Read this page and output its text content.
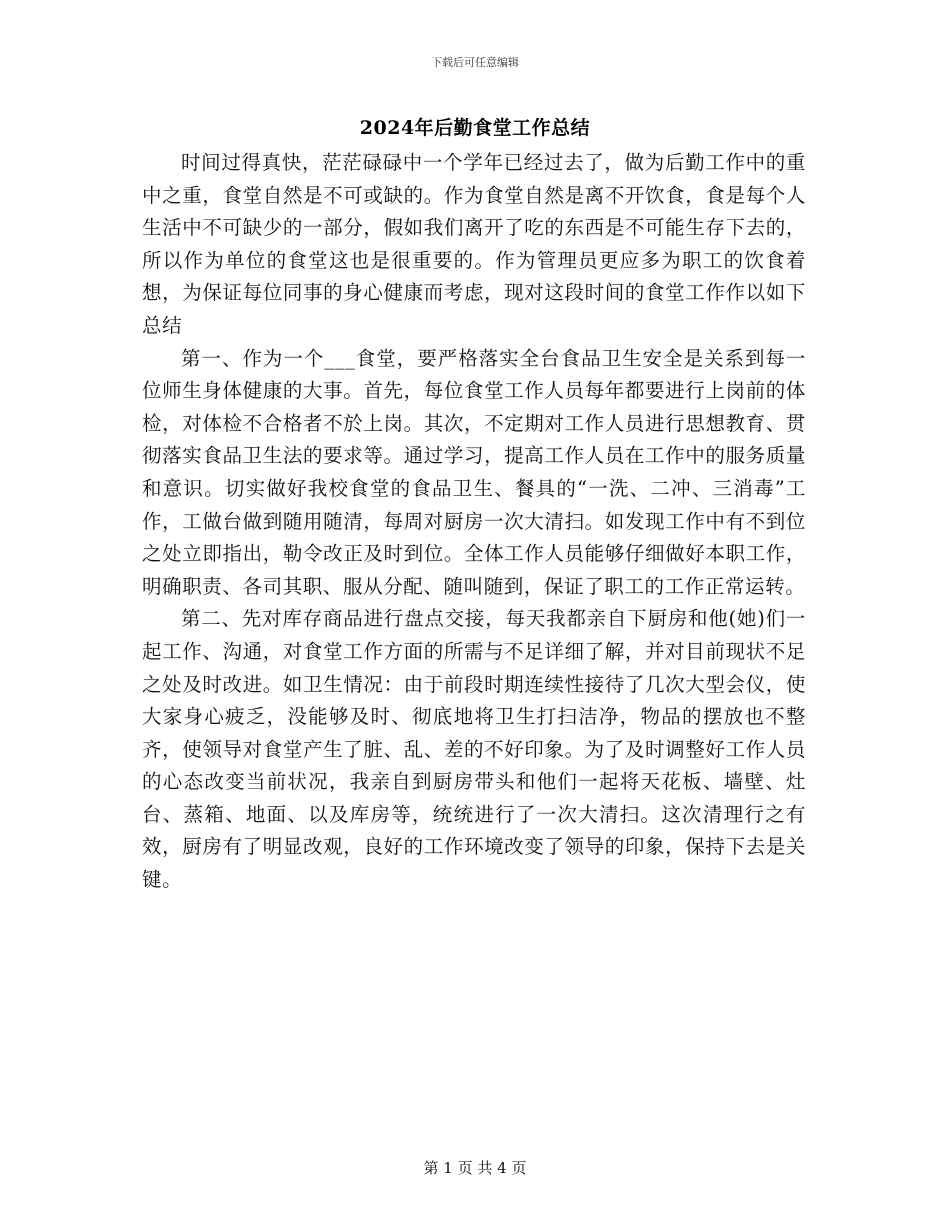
下载后可任意编辑
2024年后勤食堂工作总结

时间过得真快，茫茫碌碌中一个学年已经过去了，做为后勤工作中的重中之重，食堂自然是不可或缺的。作为食堂自然是离不开饮食，食是每个人生活中不可缺少的一部分，假如我们离开了吃的东西是不可能生存下去的，所以作为单位的食堂这也是很重要的。作为管理员更应多为职工的饮食着想，为保证每位同事的身心健康而考虑，现对这段时间的食堂工作作以如下总结

第一、作为一个___食堂，要严格落实全台食品卫生安全是关系到每一位师生身体健康的大事。首先，每位食堂工作人员每年都要进行上岗前的体检，对体检不合格者不於上岗。其次，不定期对工作人员进行思想教育、贯彻落实食品卫生法的要求等。通过学习，提高工作人员在工作中的服务质量和意识。切实做好我校食堂的食品卫生、餐具的“一洗、二冲、三消毒”工作，工做台做到随用随清，每周对厨房一次大清扫。如发现工作中有不到位之处立即指出，勒令改正及时到位。全体工作人员能够仔细做好本职工作，明确职责、各司其职、服从分配、随叫随到，保证了职工的工作正常运转。

第二、先对库存商品进行盘点交接，每天我都亲自下厨房和他(她)们一起工作、沟通，对食堂工作方面的所需与不足详细了解，并对目前现状不足之处及时改进。如卫生情况：由于前段时期连续性接待了几次大型会仪，使大家身心疲乏，没能够及时、彻底地将卫生打扫洁净，物品的摆放也不整齐，使领导对食堂产生了脏、乱、差的不好印象。为了及时调整好工作人员的心态改变当前状况，我亲自到厨房带头和他们一起将天花板、墙壁、灶台、蒸箱、地面、以及库房等，统统进行了一次大清扫。这次清理行之有效，厨房有了明显改观，良好的工作环境改变了领导的印象，保持下去是关键。

第 1 页 共 4 页
